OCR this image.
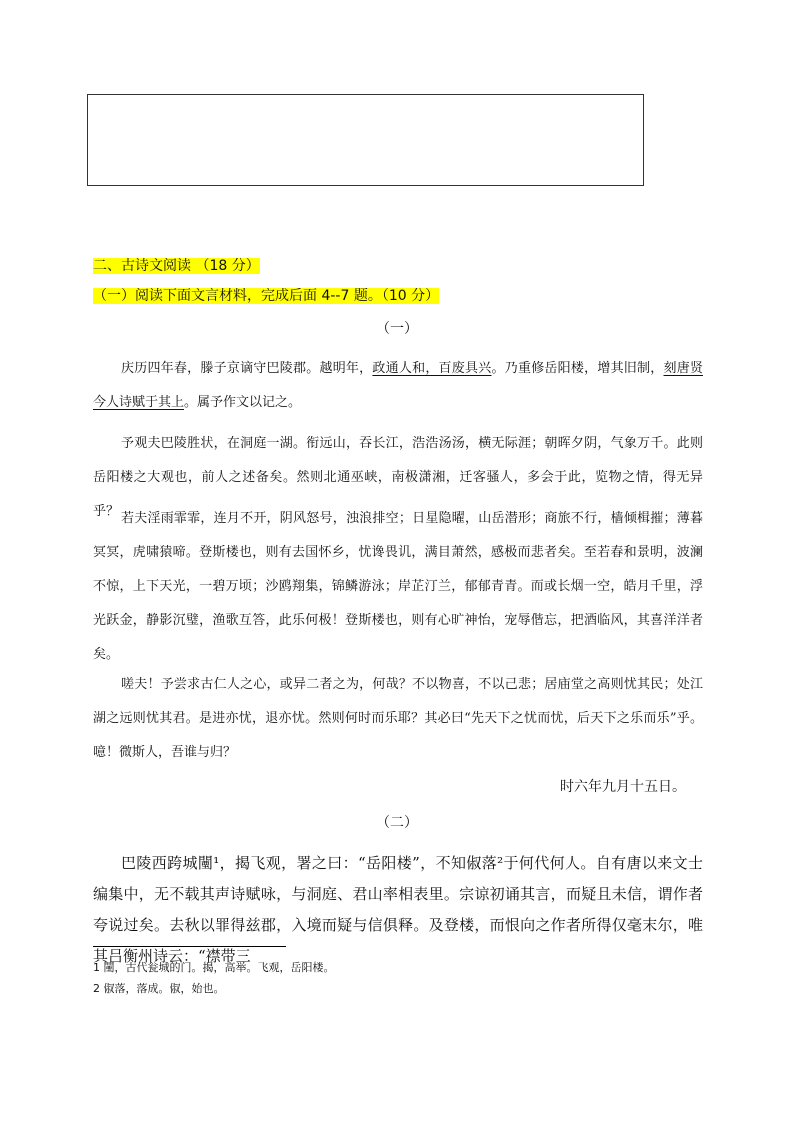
二、古诗文阅读 （18 分）
（一）阅读下面文言材料，完成后面 4--7 题。（10 分）
（一）
庆历四年春，滕子京谪守巴陵郡。越明年，政通人和，百废具兴。乃重修岳阳楼，增其旧制，刻唐贤今人诗赋于其上。属予作文以记之。
予观夫巴陵胜状，在洞庭一湖。衔远山，吞长江，浩浩汤汤，横无际涯；朝晖夕阴，气象万千。此则岳阳楼之大观也，前人之述备矣。然则北通巫峡，南极潇湘，迁客骚人，多会于此，览物之情，得无异乎？ 若夫淫雨霏霏，连月不开，阴风怒号，浊浪排空；日星隐曜，山岳潜形；商旅不行，樯倾楫摧；薄暮冥冥，虎啸猿啼。登斯楼也，则有去国怀乡，忧谗畏讥，满目萧然，感极而悲者矣。至若春和景明，波澜不惊，上下天光，一碧万顷；沙鸥翔集，锦鳞游泳；岸芷汀兰，郁郁青青。而或长烟一空，皓月千里，浮光跃金，静影沉璧，渔歌互答，此乐何极！登斯楼也，则有心旷神怡，宠辱偕忘，把酒临风，其喜洋洋者矣。
嗟夫！予尝求古仁人之心，或异二者之为，何哉？不以物喜，不以己悲；居庙堂之高则忧其民；处江湖之远则忧其君。是进亦忧，退亦忧。然则何时而乐耶？其必曰“先天下之忧而忧，后天下之乐而乐”乎。噫！微斯人，吾谁与归？
时六年九月十五日。
（二）
巴陵西跨城闉¹，揭飞观，署之曰：“岳阳楼”，不知俶落²于何代何人。自有唐以来文士编集中，无不载其声诗赋咏，与洞庭、君山率相表里。宗谅初诵其言，而疑且未信，谓作者夸说过矣。去秋以罪得兹郡，入境而疑与信俱释。及登楼，而恨向之作者所得仅毫末尔，唯其吕衡州诗云：“襟带三
1 闉，古代瓮城的门。揭，高举。飞观，岳阳楼。
2 俶落，落成。俶，始也。
